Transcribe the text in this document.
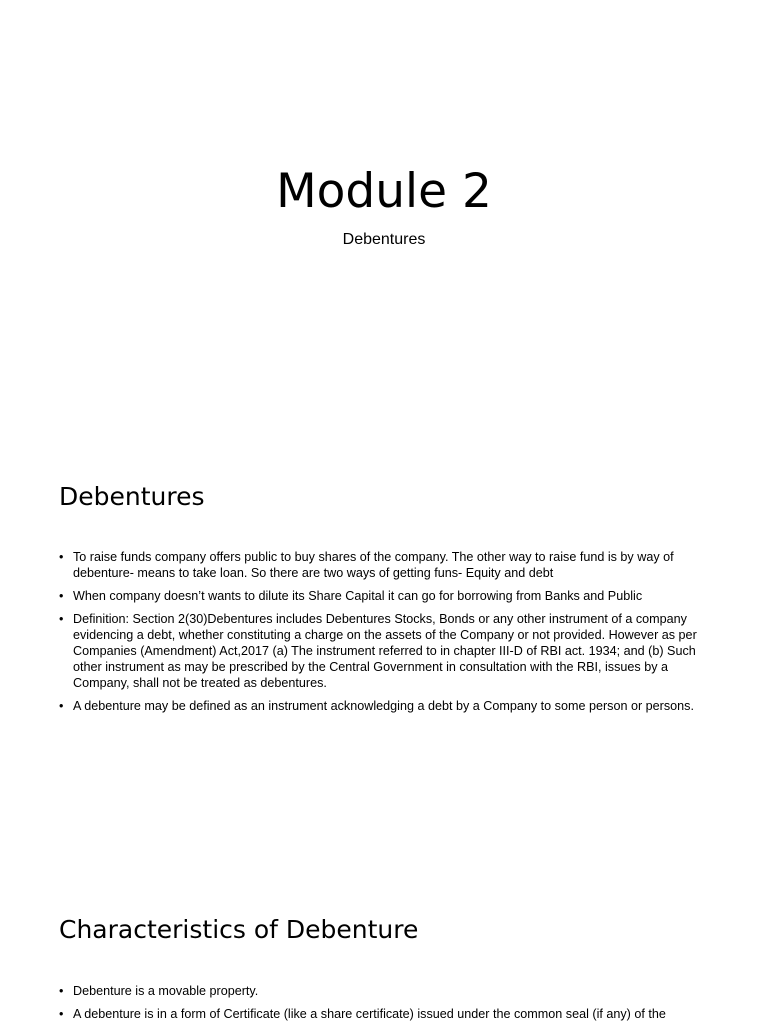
Module 2

Debentures

Debentures
• To raise funds company offers public to buy shares of the company. The other way to raise fund is by way of debenture- means to take loan. So there are two ways of getting funs- Equity and debt
• When company doesn’t wants to dilute its Share Capital it can go for borrowing from Banks and Public
• Definition: Section 2(30)Debentures includes Debentures Stocks, Bonds or any other instrument of a company evidencing a debt, whether constituting a charge on the assets of the Company or not provided. However as per Companies (Amendment) Act,2017 (a) The instrument referred to in chapter III-D of RBI act. 1934; and (b) Such other instrument as may be prescribed by the Central Government in consultation with the RBI, issues by a Company, shall not be treated as debentures.
• A debenture may be defined as an instrument acknowledging a debt by a Company to some person or persons.
Characteristics of Debenture
• Debenture is a movable property.
• A debenture is in a form of Certificate (like a share certificate) issued under the common seal (if any) of the
